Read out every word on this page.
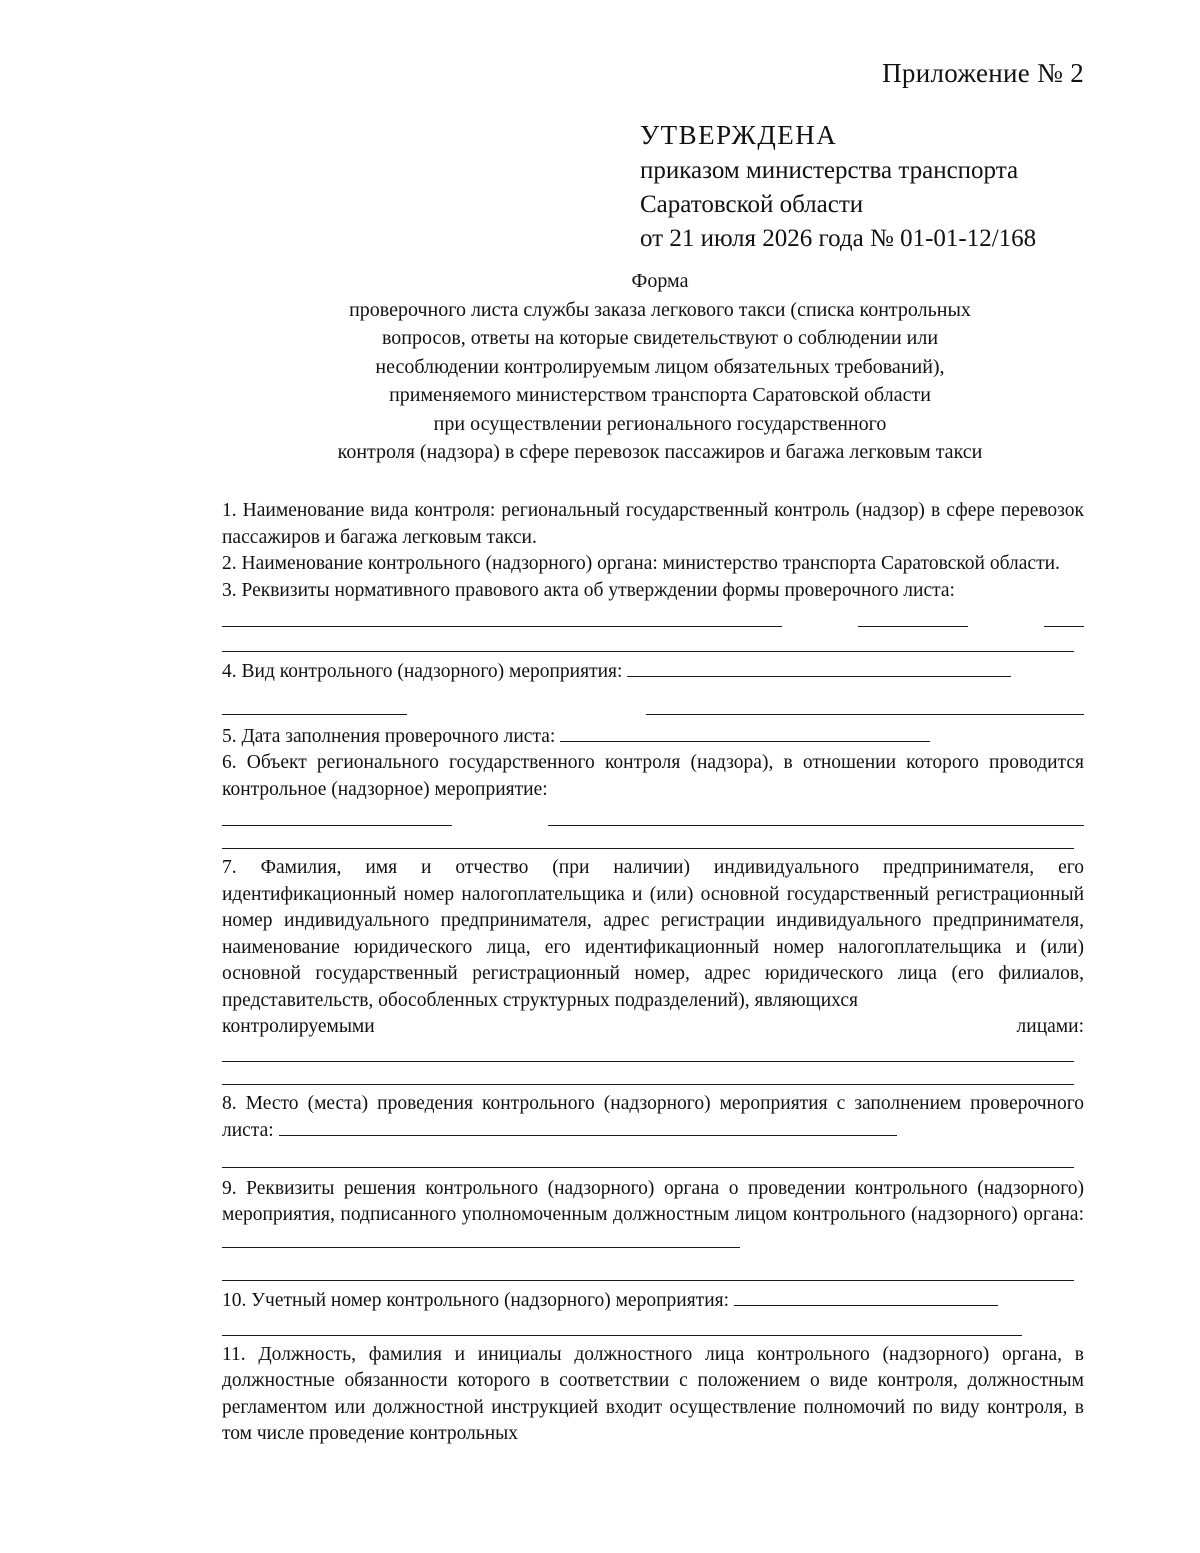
Приложение № 2
УТВЕРЖДЕНА
приказом министерства транспорта
Саратовской области
от 21 июля 2026 года № 01-01-12/168
Форма
проверочного листа службы заказа легкового такси (списка контрольных
вопросов, ответы на которые свидетельствуют о соблюдении или
несоблюдении контролируемым лицом обязательных требований),
применяемого министерством транспорта Саратовской области
при осуществлении регионального государственного
контроля (надзора) в сфере перевозок пассажиров и багажа легковым такси

1. Наименование вида контроля: региональный государственный контроль (надзор) в сфере перевозок пассажиров и багажа легковым такси.

2. Наименование контрольного (надзорного) органа: министерство транспорта Саратовской области.

3. Реквизиты нормативного правового акта об утверждении формы проверочного листа:

4. Вид контрольного (надзорного) мероприятия:
5. Дата заполнения проверочного листа:

6. Объект регионального государственного контроля (надзора), в отношении которого проводится контрольное (надзорное) мероприятие:

7. Фамилия, имя и отчество (при наличии) индивидуального предпринимателя, его идентификационный номер налогоплательщика и (или) основной государственный регистрационный номер индивидуального предпринимателя, адрес регистрации индивидуального предпринимателя, наименование юридического лица, его идентификационный номер налогоплательщика и (или) основной государственный регистрационный номер, адрес юридического лица (его филиалов, представительств, обособленных структурных подразделений), являющихся

контролируемыми	лицами:

8. Место (места) проведения контрольного (надзорного) мероприятия с заполнением проверочного листа:

9. Реквизиты решения контрольного (надзорного) органа о проведении контрольного (надзорного) мероприятия, подписанного уполномоченным должностным лицом контрольного (надзорного) органа:

10. Учетный номер контрольного (надзорного) мероприятия:

11. Должность, фамилия и инициалы должностного лица контрольного (надзорного) органа, в должностные обязанности которого в соответствии с положением о виде контроля, должностным регламентом или должностной инструкцией входит осуществление полномочий по виду контроля, в том числе проведение контрольных
